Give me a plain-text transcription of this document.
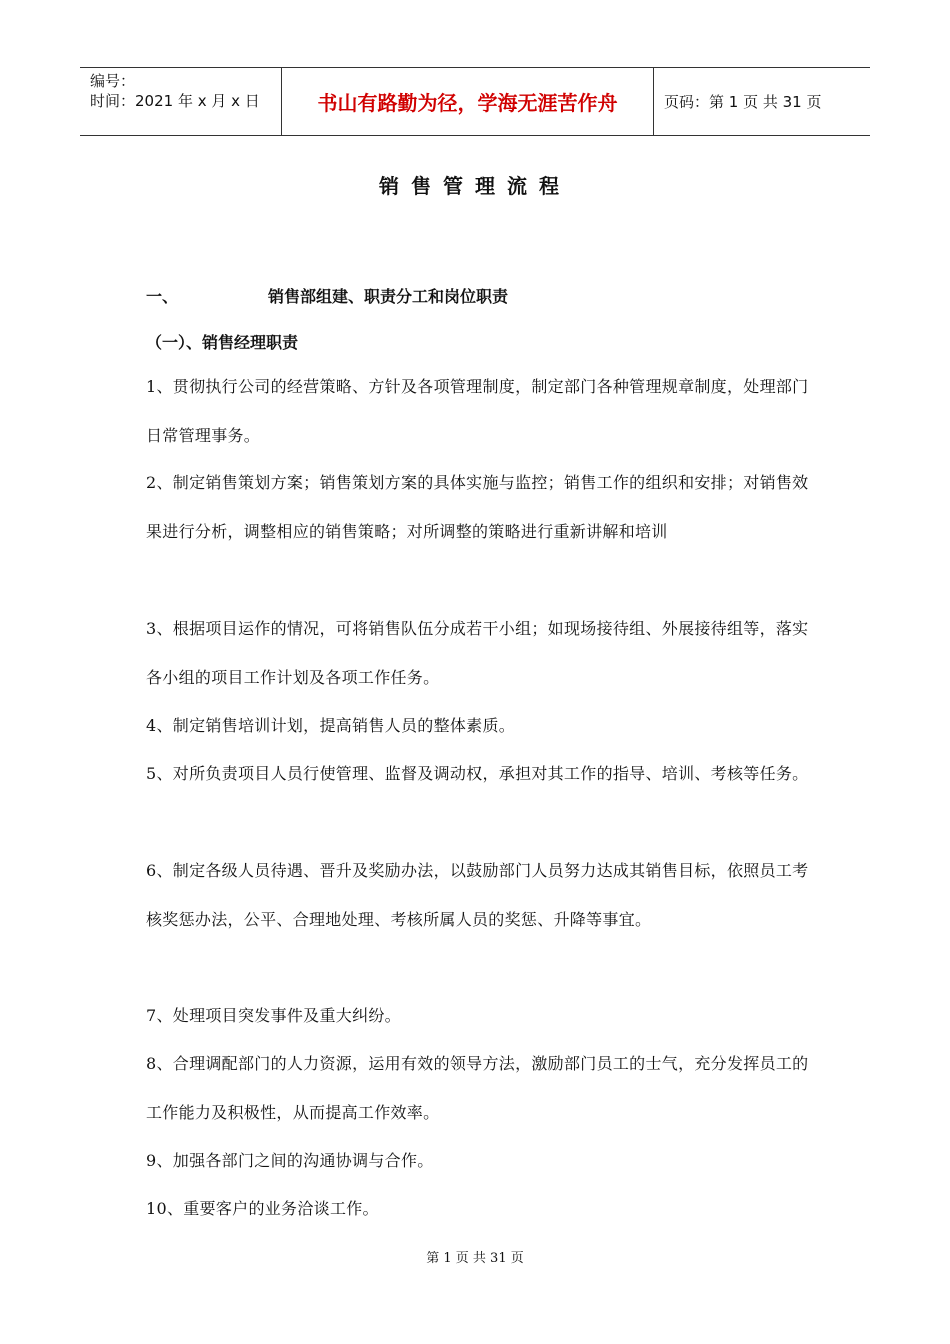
编号：
时间：2021 年 x 月 x 日	书山有路勤为径，学海无涯苦作舟	页码：第 1 页 共 31 页
销售管理流程
一、	销售部组建、职责分工和岗位职责
（一）、销售经理职责
1、贯彻执行公司的经营策略、方针及各项管理制度，制定部门各种管理规章制度，处理部门日常管理事务。
2、制定销售策划方案；销售策划方案的具体实施与监控；销售工作的组织和安排；对销售效果进行分析，调整相应的销售策略；对所调整的策略进行重新讲解和培训
3、根据项目运作的情况，可将销售队伍分成若干小组；如现场接待组、外展接待组等，落实各小组的项目工作计划及各项工作任务。
4、制定销售培训计划，提高销售人员的整体素质。
5、对所负责项目人员行使管理、监督及调动权，承担对其工作的指导、培训、考核等任务。
6、制定各级人员待遇、晋升及奖励办法，以鼓励部门人员努力达成其销售目标，依照员工考核奖惩办法，公平、合理地处理、考核所属人员的奖惩、升降等事宜。
7、处理项目突发事件及重大纠纷。
8、合理调配部门的人力资源，运用有效的领导方法，激励部门员工的士气，充分发挥员工的工作能力及积极性，从而提高工作效率。
9、加强各部门之间的沟通协调与合作。
10、重要客户的业务洽谈工作。
第 1 页 共 31 页
